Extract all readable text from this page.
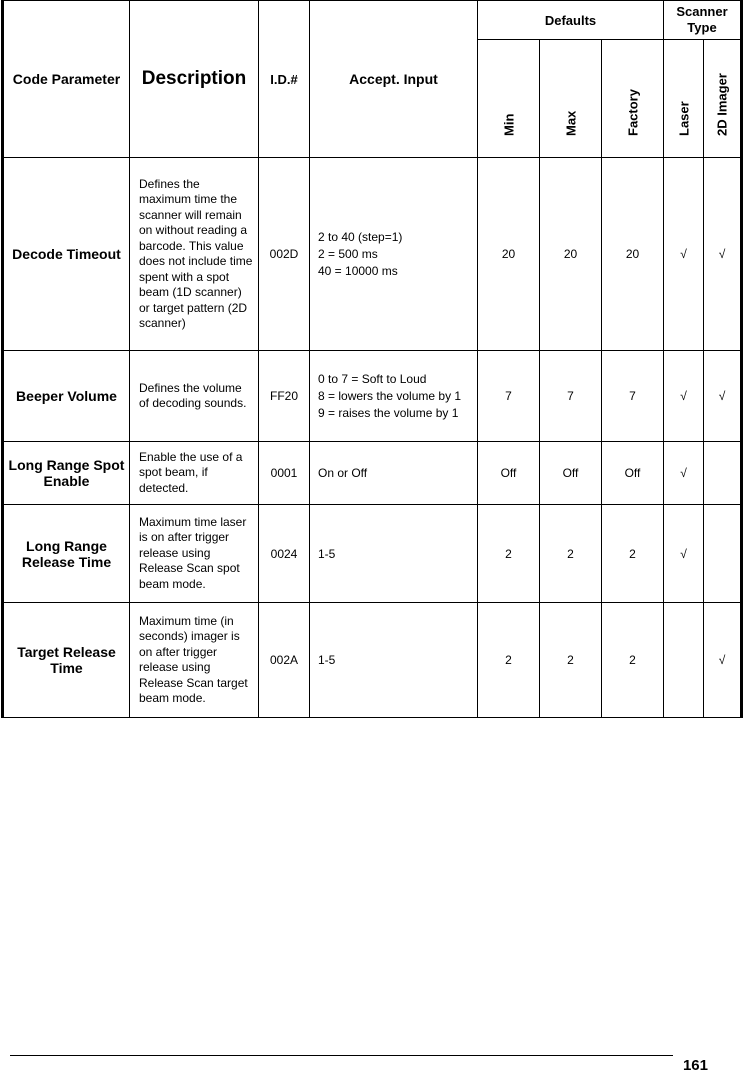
Code Parameter	Description	I.D.#	Accept. Input	Defaults			Scanner Type	

				Min	Max	Factory	Laser	2D Imager

Decode Timeout	Defines the maximum time the scanner will remain on without reading a barcode. This value does not include time spent with a spot beam (1D scanner) or target pattern (2D scanner)	002D	2 to 40 (step=1)
2 = 500 ms
40 = 10000 ms	20	20	20	√	√
Beeper Volume	Defines the volume of decoding sounds.	FF20	0 to 7 = Soft to Loud
8 = lowers the volume by 1
9 = raises the volume by 1	7	7	7	√	√
Long Range Spot Enable	Enable the use of a spot beam, if detected.	0001	On or Off	Off	Off	Off	√	
Long Range Release Time	Maximum time laser is on after trigger release using Release Scan spot beam mode.	0024	1-5	2	2	2	√	
Target Release Time	Maximum time (in seconds) imager is on after trigger release using Release Scan target beam mode.	002A	1-5	2	2	2		√
161
